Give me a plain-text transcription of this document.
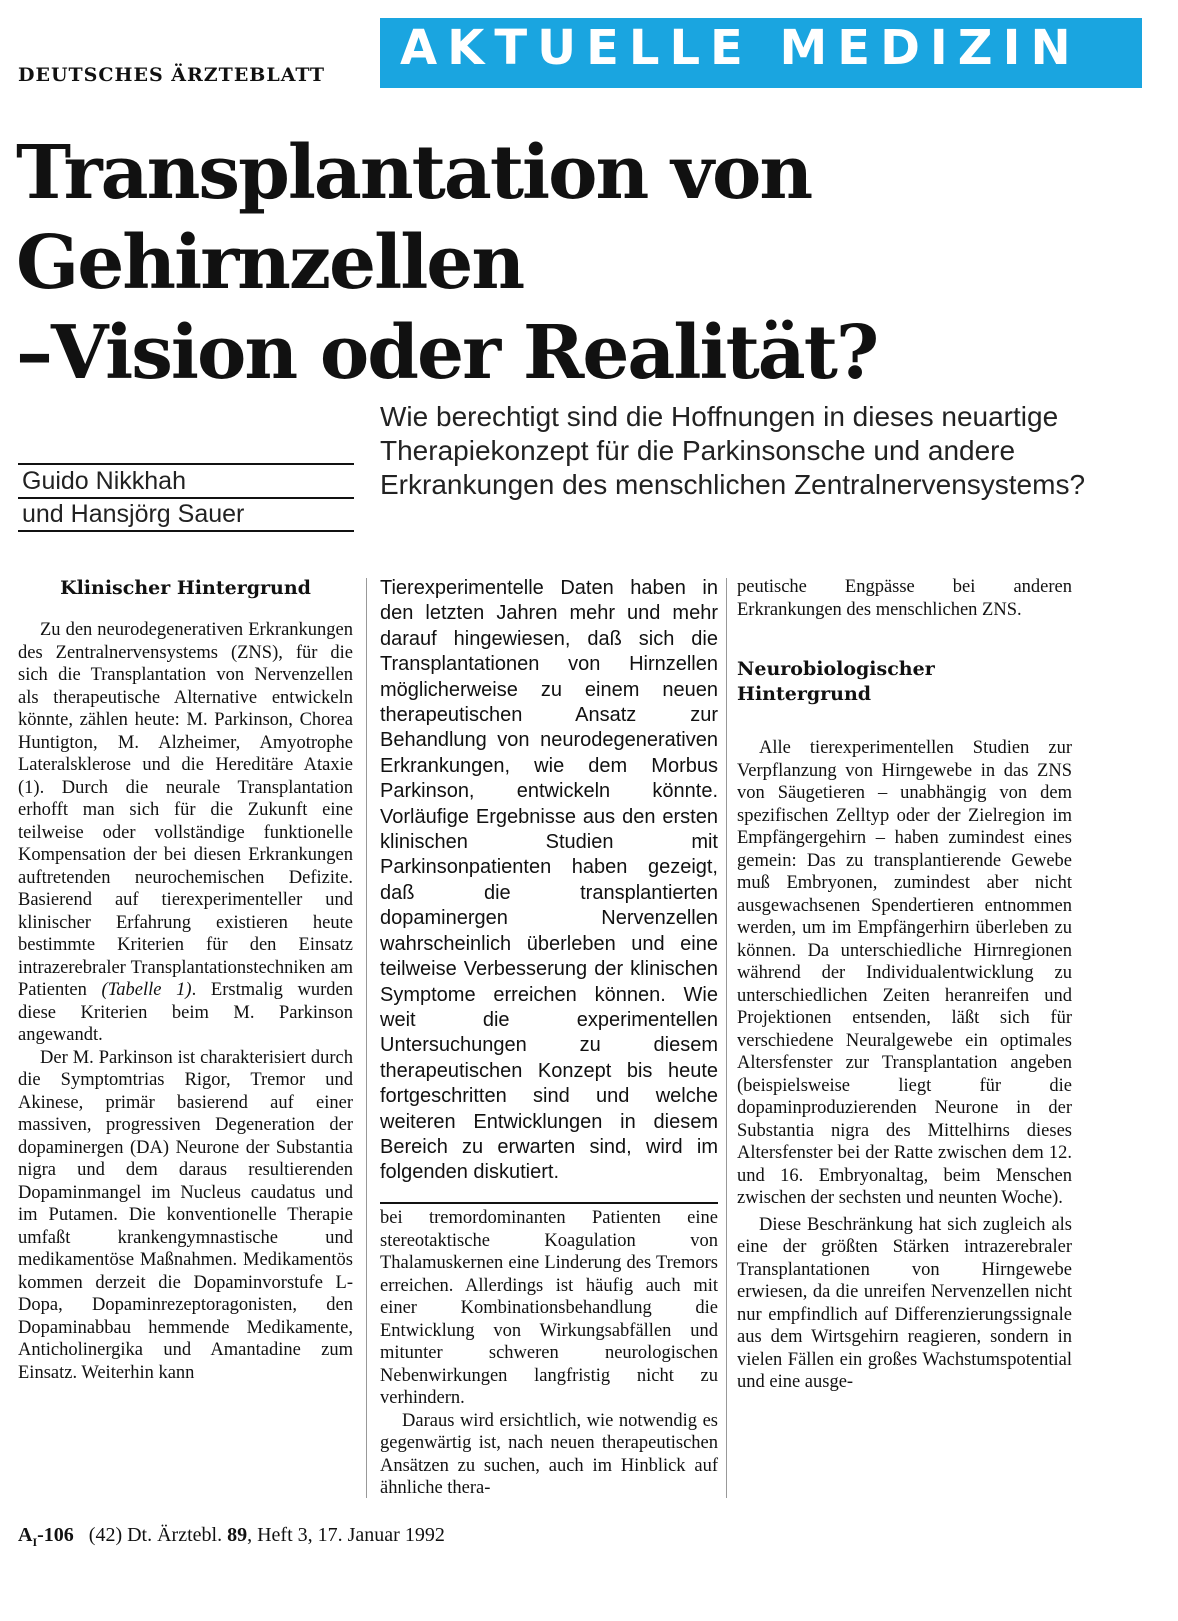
DEUTSCHES ÄRZTEBLATT AKTUELLE MEDIZIN
Transplantation von
Gehirnzellen
–Vision oder Realität?
Guido Nikkhah
und Hansjörg Sauer
Wie berechtigt sind die Hoffnungen in dieses neuartige Therapiekonzept für die Parkinsonsche und andere Erkrankungen des menschlichen Zentralnervensystems?
Klinischer Hintergrund

Zu den neurodegenerativen Erkrankungen des Zentralnervensystems (ZNS), für die sich die Transplantation von Nervenzellen als therapeutische Alternative entwickeln könnte, zählen heute: M. Parkinson, Chorea Huntigton, M. Alzheimer, Amyotrophe Lateralsklerose und die Hereditäre Ataxie (1). Durch die neurale Transplantation erhofft man sich für die Zukunft eine teilweise oder vollständige funktionelle Kompensation der bei diesen Erkrankungen auftretenden neurochemischen Defizite. Basierend auf tierexperimenteller und klinischer Erfahrung existieren heute bestimmte Kriterien für den Einsatz intrazerebraler Transplantationstechniken am Patienten (Tabelle 1). Erstmalig wurden diese Kriterien beim M. Parkinson angewandt.

Der M. Parkinson ist charakterisiert durch die Symptomtrias Rigor, Tremor und Akinese, primär basierend auf einer massiven, progressiven Degeneration der dopaminergen (DA) Neurone der Substantia nigra und dem daraus resultierenden Dopaminmangel im Nucleus caudatus und im Putamen. Die konventionelle Therapie umfaßt krankengymnastische und medikamentöse Maßnahmen. Medikamentös kommen derzeit die Dopaminvorstufe L-Dopa, Dopaminrezeptoragonisten, den Dopaminabbau hemmende Medikamente, Anticholinergika und Amantadine zum Einsatz. Weiterhin kann

Tierexperimentelle Daten haben in den letzten Jahren mehr und mehr darauf hingewiesen, daß sich die Transplantationen von Hirnzellen möglicherweise zu einem neuen therapeutischen Ansatz zur Behandlung von neurodegenerativen Erkrankungen, wie dem Morbus Parkinson, entwickeln könnte. Vorläufige Ergebnisse aus den ersten klinischen Studien mit Parkinsonpatienten haben gezeigt, daß die transplantierten dopaminergen Nervenzellen wahrscheinlich überleben und eine teilweise Verbesserung der klinischen Symptome erreichen können. Wie weit die experimentellen Untersuchungen zu diesem therapeutischen Konzept bis heute fortgeschritten sind und welche weiteren Entwicklungen in diesem Bereich zu erwarten sind, wird im folgenden diskutiert.

bei tremordominanten Patienten eine stereotaktische Koagulation von Thalamuskernen eine Linderung des Tremors erreichen. Allerdings ist häufig auch mit einer Kombinationsbehandlung die Entwicklung von Wirkungsabfällen und mitunter schweren neurologischen Nebenwirkungen langfristig nicht zu verhindern.

Daraus wird ersichtlich, wie notwendig es gegenwärtig ist, nach neuen therapeutischen Ansätzen zu suchen, auch im Hinblick auf ähnliche thera-

peutische Engpässe bei anderen Erkrankungen des menschlichen ZNS.

Neurobiologischer
Hintergrund

Alle tierexperimentellen Studien zur Verpflanzung von Hirngewebe in das ZNS von Säugetieren – unabhängig von dem spezifischen Zelltyp oder der Zielregion im Empfängergehirn – haben zumindest eines gemein: Das zu transplantierende Gewebe muß Embryonen, zumindest aber nicht ausgewachsenen Spendertieren entnommen werden, um im Empfängerhirn überleben zu können. Da unterschiedliche Hirnregionen während der Individualentwicklung zu unterschiedlichen Zeiten heranreifen und Projektionen entsenden, läßt sich für verschiedene Neuralgewebe ein optimales Altersfenster zur Transplantation angeben (beispielsweise liegt für die dopaminproduzierenden Neurone in der Substantia nigra des Mittelhirns dieses Altersfenster bei der Ratte zwischen dem 12. und 16. Embryonaltag, beim Menschen zwischen der sechsten und neunten Woche).

Diese Beschränkung hat sich zugleich als eine der größten Stärken intrazerebraler Transplantationen von Hirngewebe erwiesen, da die unreifen Nervenzellen nicht nur empfindlich auf Differenzierungssignale aus dem Wirtsgehirn reagieren, sondern in vielen Fällen ein großes Wachstumspotential und eine ausge-

$A_I-106$ (42) Dt. Ärztebl. 89, Heft 3, 17. Januar 1992
